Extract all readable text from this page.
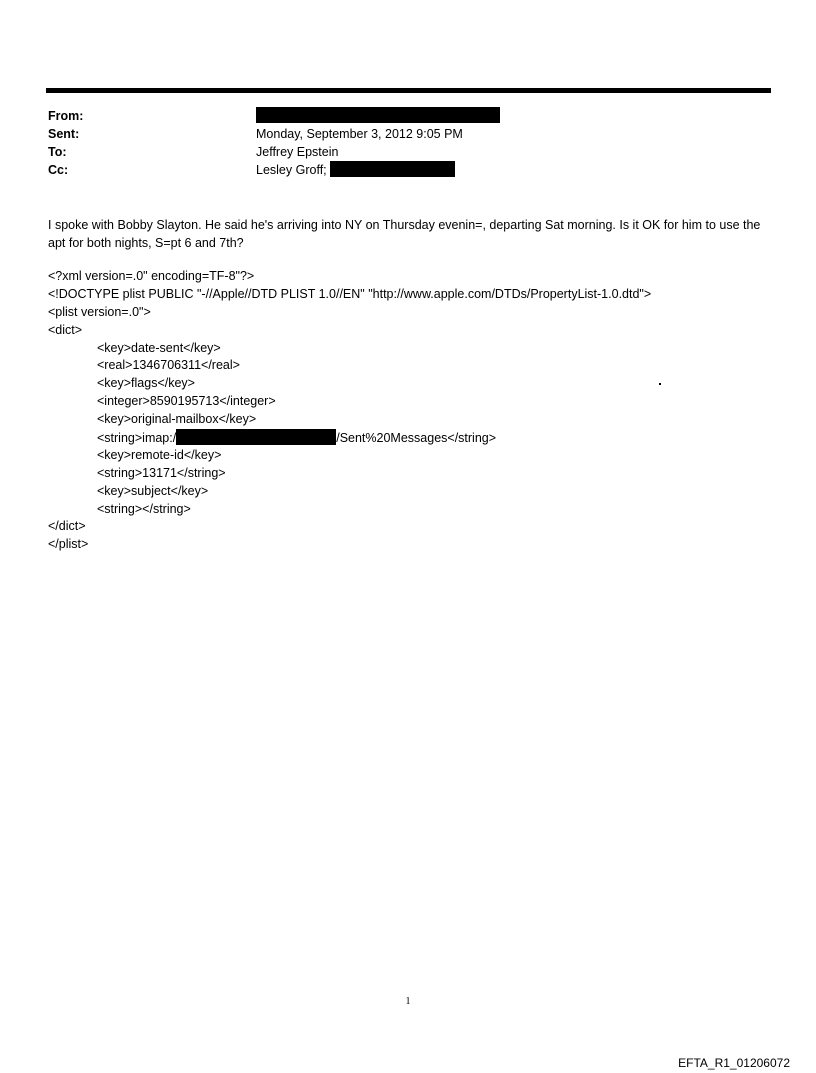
From:
Sent:	Monday, September 3, 2012 9:05 PM
To:	Jeffrey Epstein
Cc:	Lesley Groff;
I spoke with Bobby Slayton. He said he's arriving into NY on Thursday evenin=, departing Sat morning. Is it OK for him to use the apt for both nights, S=pt 6 and 7th?
<?xml version=.0" encoding=TF-8"?>
<!DOCTYPE plist PUBLIC "-//Apple//DTD PLIST 1.0//EN" "http://www.apple.com/DTDs/PropertyList-1.0.dtd">
<plist version=.0">
<dict>
<key>date-sent</key>
<real>1346706311</real>
<key>flags</key>
<integer>8590195713</integer>
<key>original-mailbox</key>
<string>imap:/	/Sent%20Messages</string>
<key>remote-id</key>
<string>13171</string>
<key>subject</key>
<string></string>
</dict>
</plist>
1
EFTA_R1_01206072
